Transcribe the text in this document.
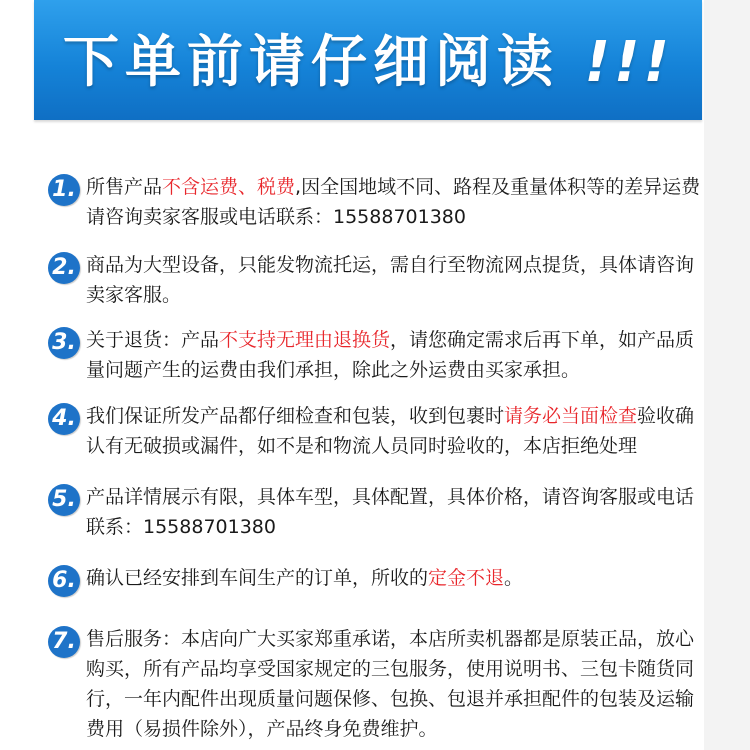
下单前请仔细阅读 !!!
1. 所售产品不含运费、税费,因全国地域不同、路程及重量体积等的差异运费请咨询卖家客服或电话联系：15588701380
2. 商品为大型设备，只能发物流托运，需自行至物流网点提货，具体请咨询卖家客服。
3. 关于退货：产品不支持无理由退换货，请您确定需求后再下单，如产品质量问题产生的运费由我们承担，除此之外运费由买家承担。
4. 我们保证所发产品都仔细检查和包装，收到包裹时请务必当面检查验收确认有无破损或漏件，如不是和物流人员同时验收的，本店拒绝处理
5. 产品详情展示有限，具体车型，具体配置，具体价格，请咨询客服或电话联系：15588701380
6. 确认已经安排到车间生产的订单，所收的定金不退。
7. 售后服务：本店向广大买家郑重承诺，本店所卖机器都是原装正品，放心购买，所有产品均享受国家规定的三包服务，使用说明书、三包卡随货同行，一年内配件出现质量问题保修、包换、包退并承担配件的包装及运输费用（易损件除外），产品终身免费维护。
